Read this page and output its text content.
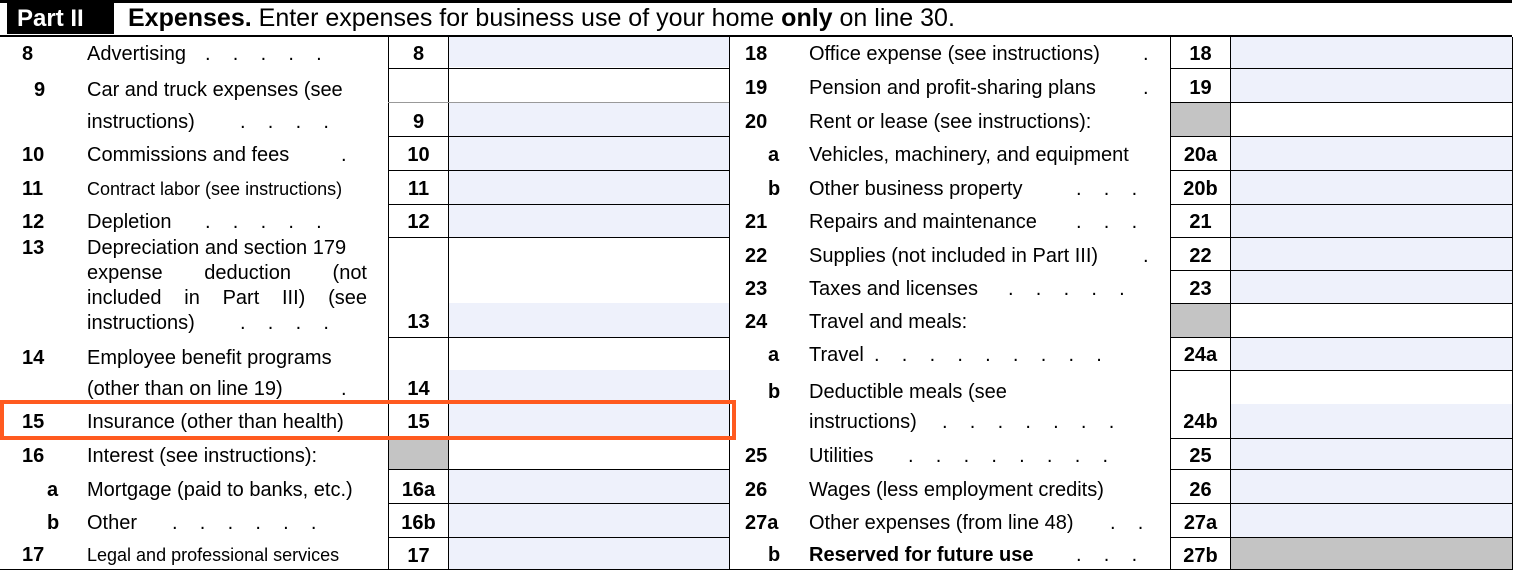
Part II	Expenses. Enter expenses for business use of your home only on line 30.
8	Advertising .    .    .    .    .	8
9 Car and truck expenses (see
instructions) .    .    .    .	9
10 Commissions and fees	.	10
11 Contract labor (see instructions)	11
12 Depletion .    .    .    .    .	12
13 Depreciation and section 179
expense deduction (not
included in Part III) (see
instructions) .    .    .    .	13
14 Employee benefit programs
(other than on line 19)	.	14
15 Insurance (other than health)	15
16 Interest (see instructions):
a Mortgage (paid to banks, etc.)	16a
b Other .    .    .    .    .    .	16b
17 Legal and professional services	17
18 Office expense (see instructions) .	18
19 Pension and profit-sharing plans .	19
20 Rent or lease (see instructions):
a Vehicles, machinery, and equipment	20a
b Other business property	.    .    .	20b
21 Repairs and maintenance .    .    .	21
22 Supplies (not included in Part III) .	22
23 Taxes and licenses .    .    .    .    .	23
24 Travel and meals:
a Travel .    .    .    .    .    .    .    .    .	24a
b Deductible meals (see
instructions) .    .    .    .    .    .    .	24b
25 Utilities .    .    .    .    .    .    .    .	25
26 Wages (less employment credits)	26
27a Other expenses (from line 48) .    .	27a
b Reserved for future use .    .    .	27b
